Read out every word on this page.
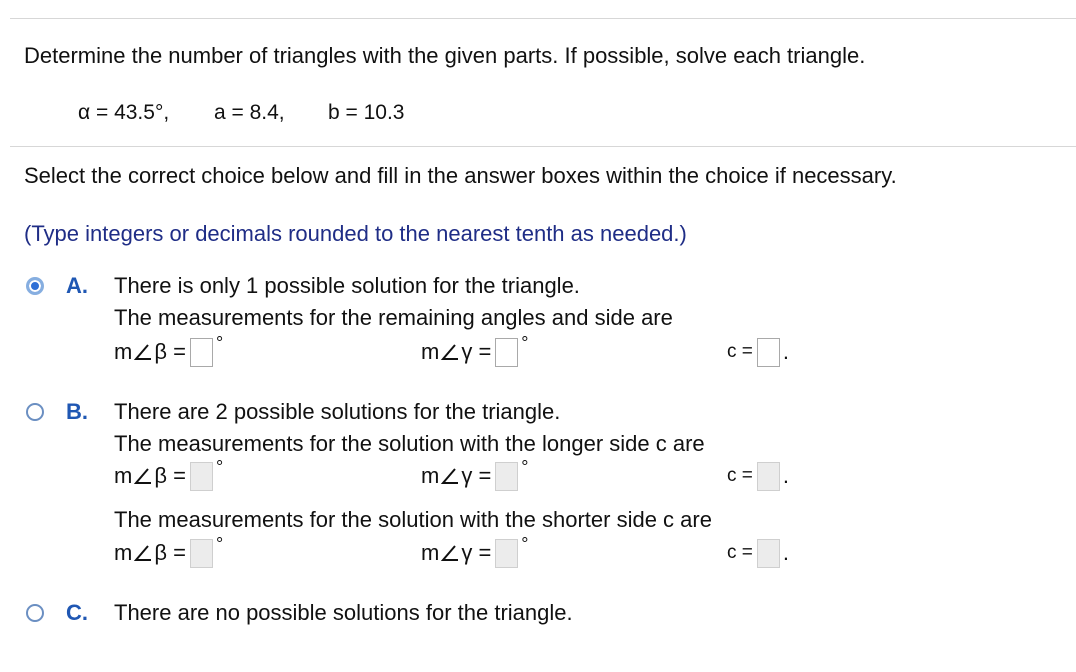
Determine the number of triangles with the given parts. If possible, solve each triangle.
α = 43.5°, a = 8.4, b = 10.3
Select the correct choice below and fill in the answer boxes within the choice if necessary.
(Type integers or decimals rounded to the nearest tenth as needed.)
A. There is only 1 possible solution for the triangle.
The measurements for the remaining angles and side are
m β = °	m γ = °	c = .
B. There are 2 possible solutions for the triangle.
The measurements for the solution with the longer side c are
m β = °	m γ = °	c = .
The measurements for the solution with the shorter side c are
m β = °	m γ = °	c = .
C. There are no possible solutions for the triangle.
